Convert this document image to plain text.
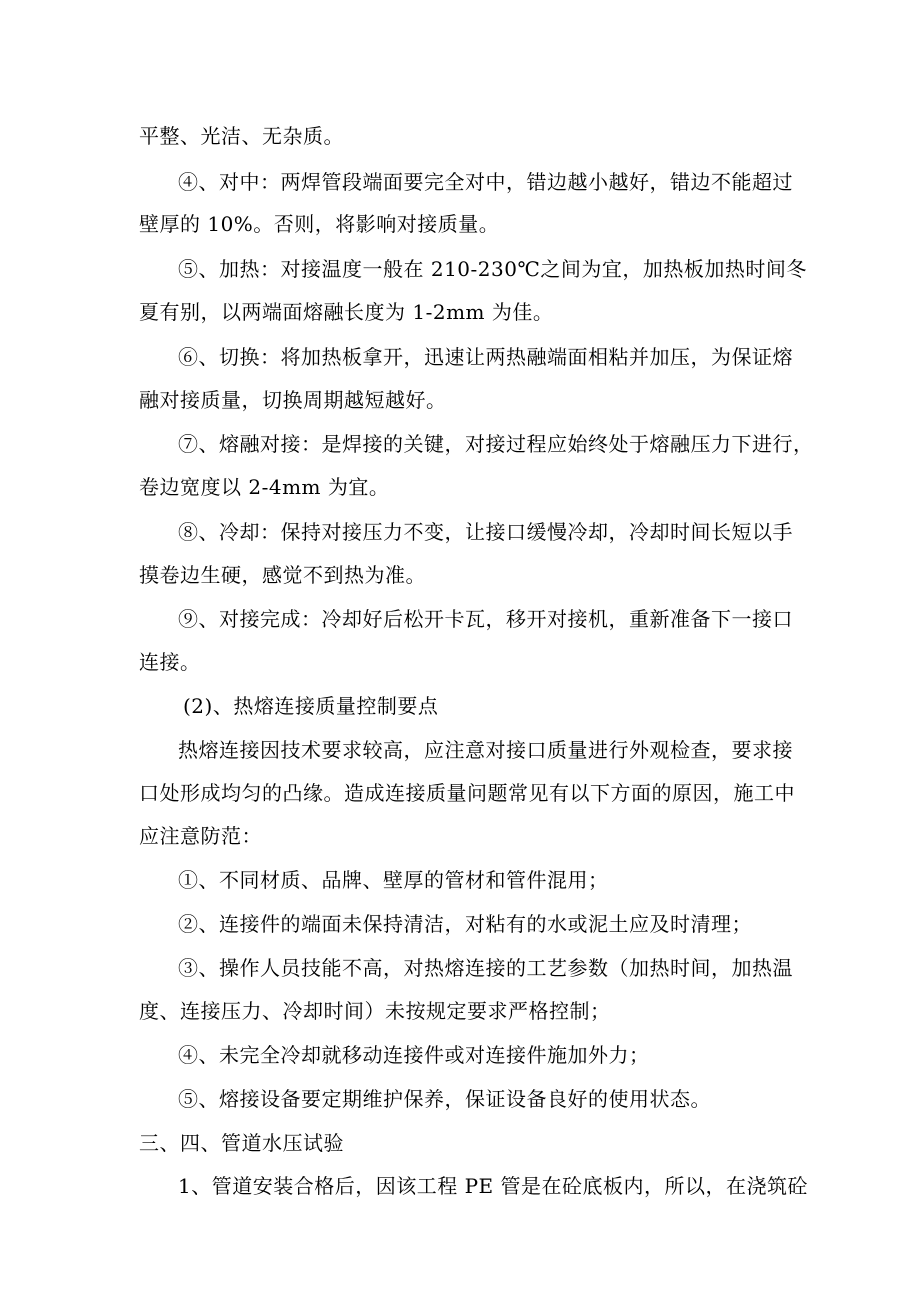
平整、光洁、无杂质。
④、对中：两焊管段端面要完全对中，错边越小越好，错边不能超过
壁厚的 10%。否则，将影响对接质量。
⑤、加热：对接温度一般在 210-230℃之间为宜，加热板加热时间冬
夏有别，以两端面熔融长度为 1-2mm 为佳。
⑥、切换：将加热板拿开，迅速让两热融端面相粘并加压，为保证熔
融对接质量，切换周期越短越好。
⑦、熔融对接：是焊接的关键，对接过程应始终处于熔融压力下进行，
卷边宽度以 2-4mm 为宜。
⑧、冷却：保持对接压力不变，让接口缓慢冷却，冷却时间长短以手
摸卷边生硬，感觉不到热为准。
⑨、对接完成：冷却好后松开卡瓦，移开对接机，重新准备下一接口
连接。
(2)、热熔连接质量控制要点
热熔连接因技术要求较高，应注意对接口质量进行外观检查，要求接
口处形成均匀的凸缘。造成连接质量问题常见有以下方面的原因，施工中
应注意防范：
①、不同材质、品牌、壁厚的管材和管件混用；
②、连接件的端面未保持清洁，对粘有的水或泥土应及时清理；
③、操作人员技能不高，对热熔连接的工艺参数（加热时间，加热温
度、连接压力、冷却时间）未按规定要求严格控制；
④、未完全冷却就移动连接件或对连接件施加外力；
⑤、熔接设备要定期维护保养，保证设备良好的使用状态。
三、四、管道水压试验
1、管道安装合格后，因该工程 PE 管是在砼底板内，所以，在浇筑砼
